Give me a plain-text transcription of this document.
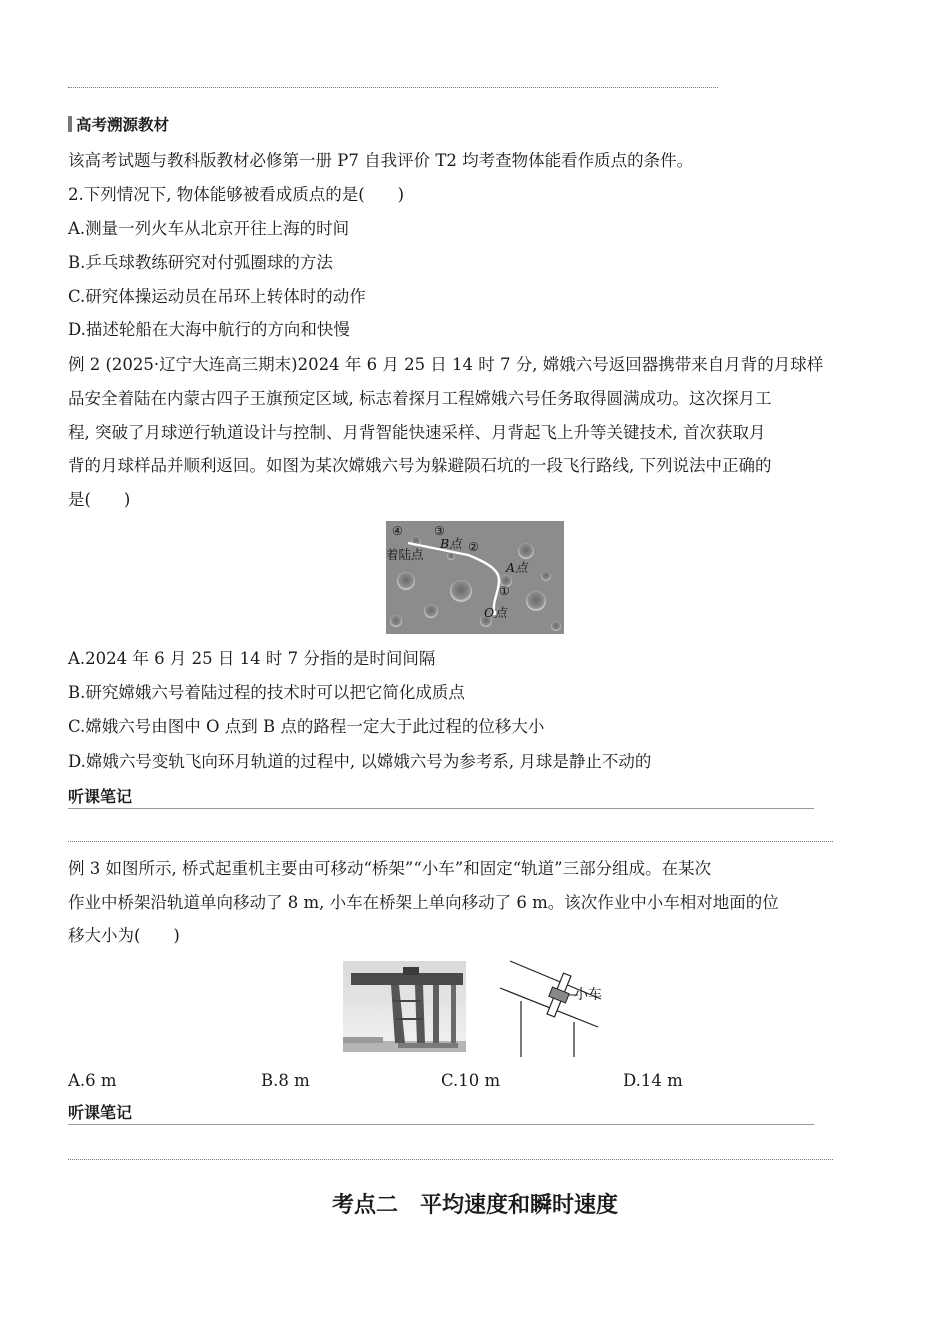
高考溯源教材
该高考试题与教科版教材必修第一册 P7 自我评价 T2 均考查物体能看作质点的条件。
2.下列情况下, 物体能够被看成质点的是(　　)
A.测量一列火车从北京开往上海的时间
B.乒乓球教练研究对付弧圈球的方法
C.研究体操运动员在吊环上转体时的动作
D.描述轮船在大海中航行的方向和快慢
例 2 (2025·辽宁大连高三期末)2024 年 6 月 25 日 14 时 7 分, 嫦娥六号返回器携带来自月背的月球样
品安全着陆在内蒙古四子王旗预定区域, 标志着探月工程嫦娥六号任务取得圆满成功。这次探月工
程, 突破了月球逆行轨道设计与控制、月背智能快速采样、月背起飞上升等关键技术, 首次获取月
背的月球样品并顺利返回。如图为某次嫦娥六号为躲避陨石坑的一段飞行路线, 下列说法中正确的
是(　　)
④
着陆点
③
B点 ②
A点
①
O点
A.2024 年 6 月 25 日 14 时 7 分指的是时间间隔
B.研究嫦娥六号着陆过程的技术时可以把它简化成质点
C.嫦娥六号由图中 O 点到 B 点的路程一定大于此过程的位移大小
D.嫦娥六号变轨飞向环月轨道的过程中, 以嫦娥六号为参考系, 月球是静止不动的
听课笔记
例 3 如图所示, 桥式起重机主要由可移动“桥架”“小车”和固定“轨道”三部分组成。在某次
作业中桥架沿轨道单向移动了 8 m, 小车在桥架上单向移动了 6 m。该次作业中小车相对地面的位
移大小为(　　)
小车
A.6 m	B.8 m	C.10 m	D.14 m
听课笔记
考点二　平均速度和瞬时速度
